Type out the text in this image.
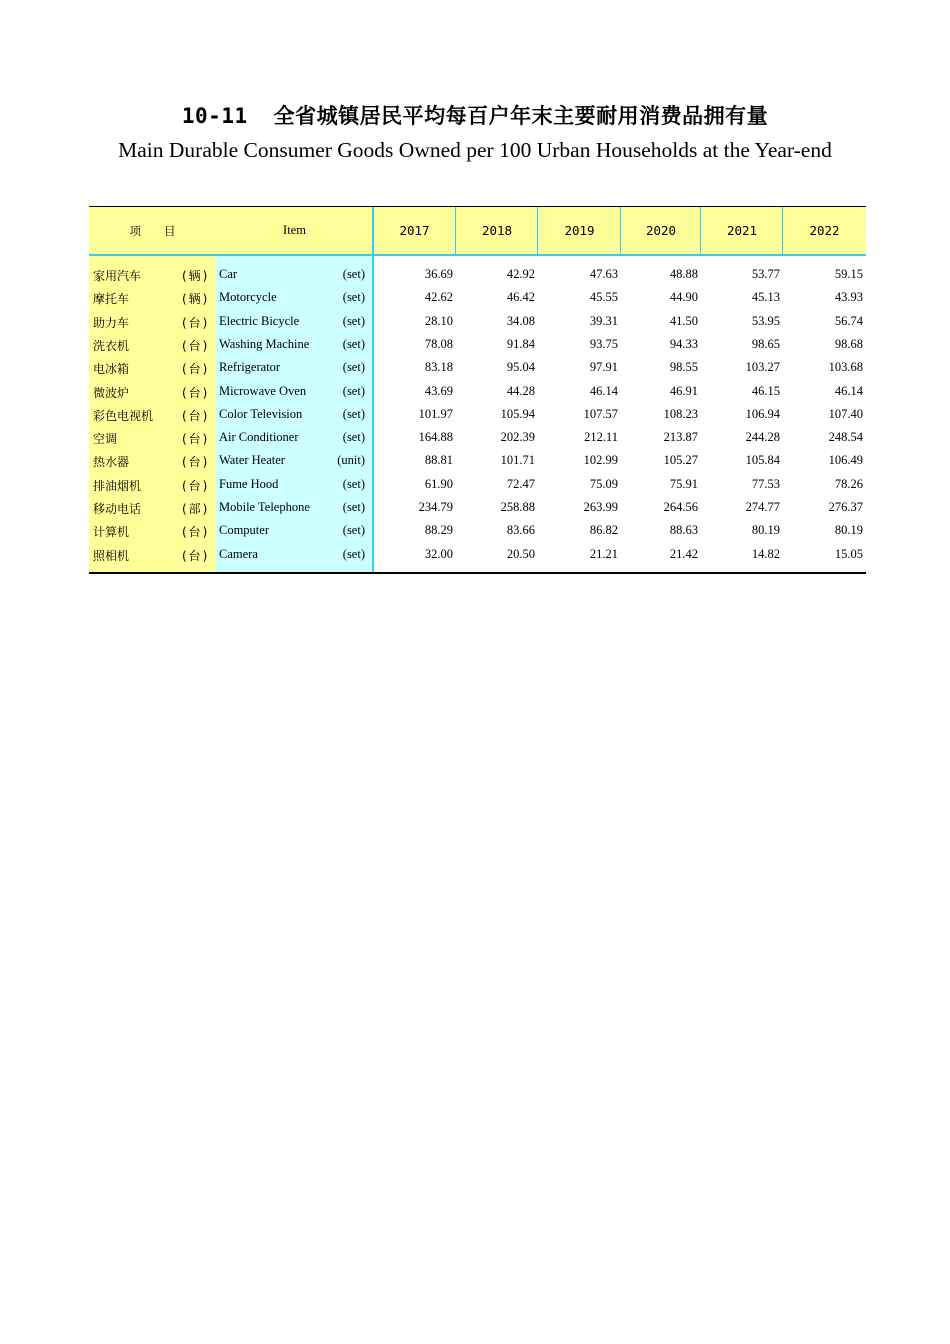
10-11 全省城镇居民平均每百户年末主要耐用消费品拥有量
Main Durable Consumer Goods Owned per 100 Urban Households at the Year-end
项　　目	Item	2017	2018	2019	2020	2021	2022
家用汽车	(辆) Car	(set)	36.69	42.92	47.63	48.88	53.77	59.15
摩托车	(辆) Motorcycle	(set)	42.62	46.42	45.55	44.90	45.13	43.93
助力车	(台) Electric Bicycle	(set)	28.10	34.08	39.31	41.50	53.95	56.74
洗衣机	(台) Washing Machine	(set)	78.08	91.84	93.75	94.33	98.65	98.68
电冰箱	(台) Refrigerator	(set)	83.18	95.04	97.91	98.55	103.27	103.68
微波炉	(台) Microwave Oven	(set)	43.69	44.28	46.14	46.91	46.15	46.14
彩色电视机 (台) Color Television	(set)	101.97	105.94	107.57	108.23	106.94	107.40
空调	(台) Air Conditioner	(set)	164.88	202.39	212.11	213.87	244.28	248.54
热水器	(台) Water Heater	(unit)	88.81	101.71	102.99	105.27	105.84	106.49
排油烟机	(台) Fume Hood	(set)	61.90	72.47	75.09	75.91	77.53	78.26
移动电话	(部) Mobile Telephone	(set)	234.79	258.88	263.99	264.56	274.77	276.37
计算机	(台) Computer	(set)	88.29	83.66	86.82	88.63	80.19	80.19
照相机	(台) Camera	(set)	32.00	20.50	21.21	21.42	14.82	15.05
